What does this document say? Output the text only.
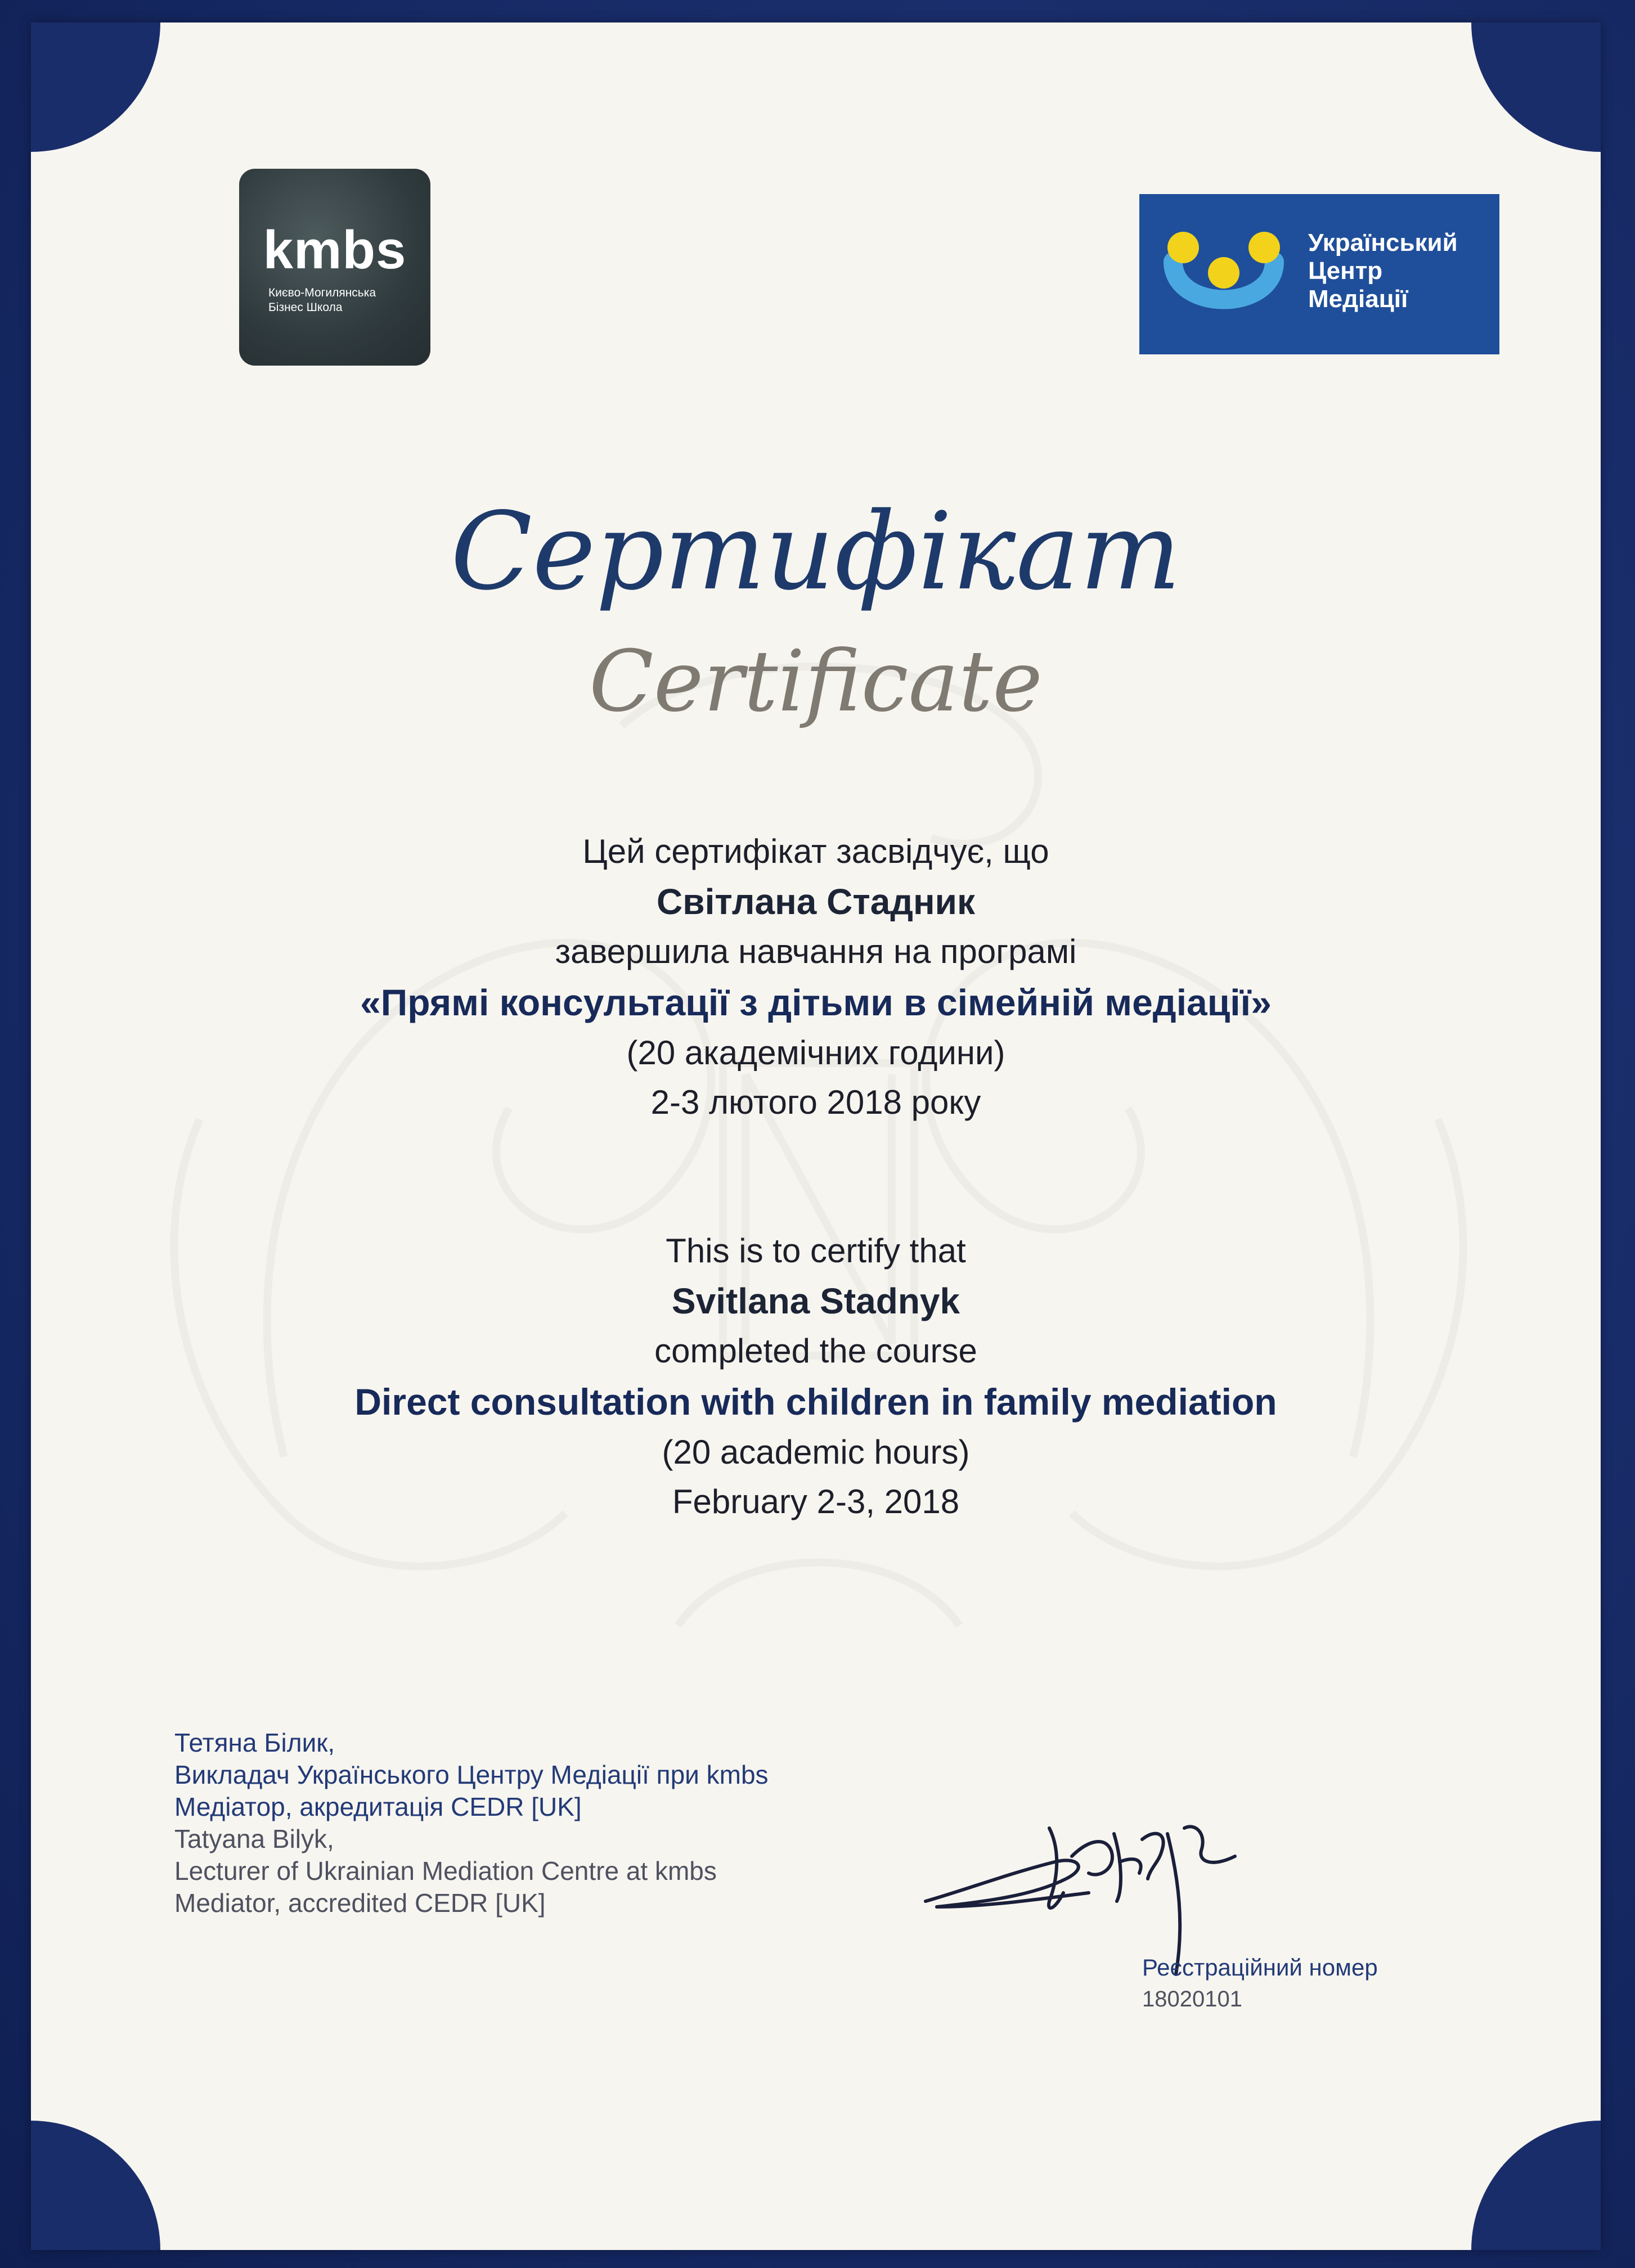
kmbs
Києво-Могилянська
Бізнес Школа
Український
Центр
Медіації
Сертифікат
Certificate
Цей сертифікат засвідчує, що
Світлана Стадник
завершила навчання на програмі
«Прямі консультації з дітьми в сімейній медіації»
(20 академічних години)
2-3 лютого 2018 року
This is to certify that
Svitlana Stadnyk
completed the course
Direct consultation with children in family mediation
(20 academic hours)
February 2-3, 2018
Тетяна Білик,
Викладач Українського Центру Медіації при kmbs
Медіатор, акредитація CEDR [UK]
Tatyana Bilyk,
Lecturer of Ukrainian Mediation Centre at kmbs
Mediator, accredited CEDR [UK]
Реєстраційний номер
18020101
